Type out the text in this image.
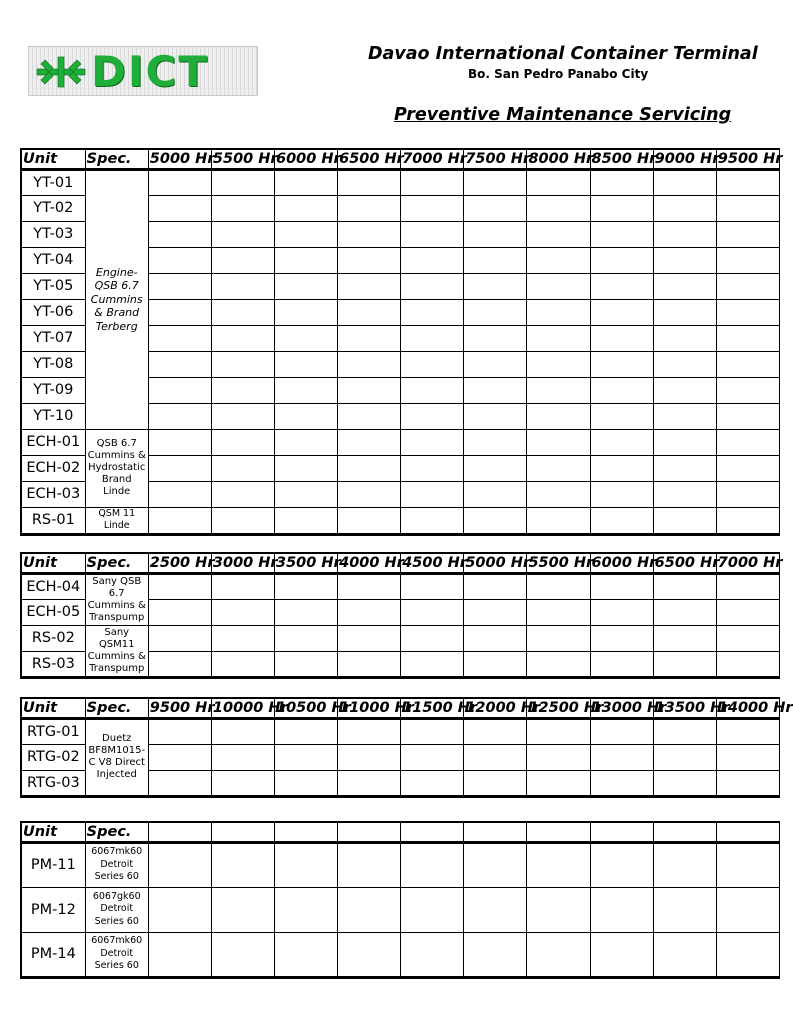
DICT	Davao International Container Terminal
Bo. San Pedro Panabo City
Preventive Maintenance Servicing
Unit	Spec.	5000 Hr	5500 Hr	6000 Hr	6500 Hr	7000 Hr	7500 Hr	8000 Hr	8500 Hr	9000 Hr	9500 Hr
YT-01	Engine-QSB 6.7 Cummins & Brand Terberg										
YT-02											
YT-03											
YT-04											
YT-05											
YT-06											
YT-07											
YT-08											
YT-09											
YT-10											
ECH-01	QSB 6.7 Cummins & Hydrostatic Brand Linde										
ECH-02											
ECH-03											
RS-01	QSM 11 Linde										
Unit	Spec.	2500 Hr	3000 Hr	3500 Hr	4000 Hr	4500 Hr	5000 Hr	5500 Hr	6000 Hr	6500 Hr	7000 Hr
ECH-04	Sany QSB 6.7 Cummins & Transpump										
ECH-05											
RS-02	Sany QSM11 Cummins & Transpump										
RS-03											
Unit	Spec.	9500 Hr	10000 Hr	10500 Hr	11000 Hr	11500 Hr	12000 Hr	12500 Hr	13000 Hr	13500 Hr	14000 Hr
RTG-01	Duetz BF8M1015-C V8 Direct Injected										
RTG-02											
RTG-03											
Unit	Spec.										
PM-11	6067mk60 Detroit Series 60										
PM-12	6067gk60 Detroit Series 60										
PM-14	6067mk60 Detroit Series 60										
